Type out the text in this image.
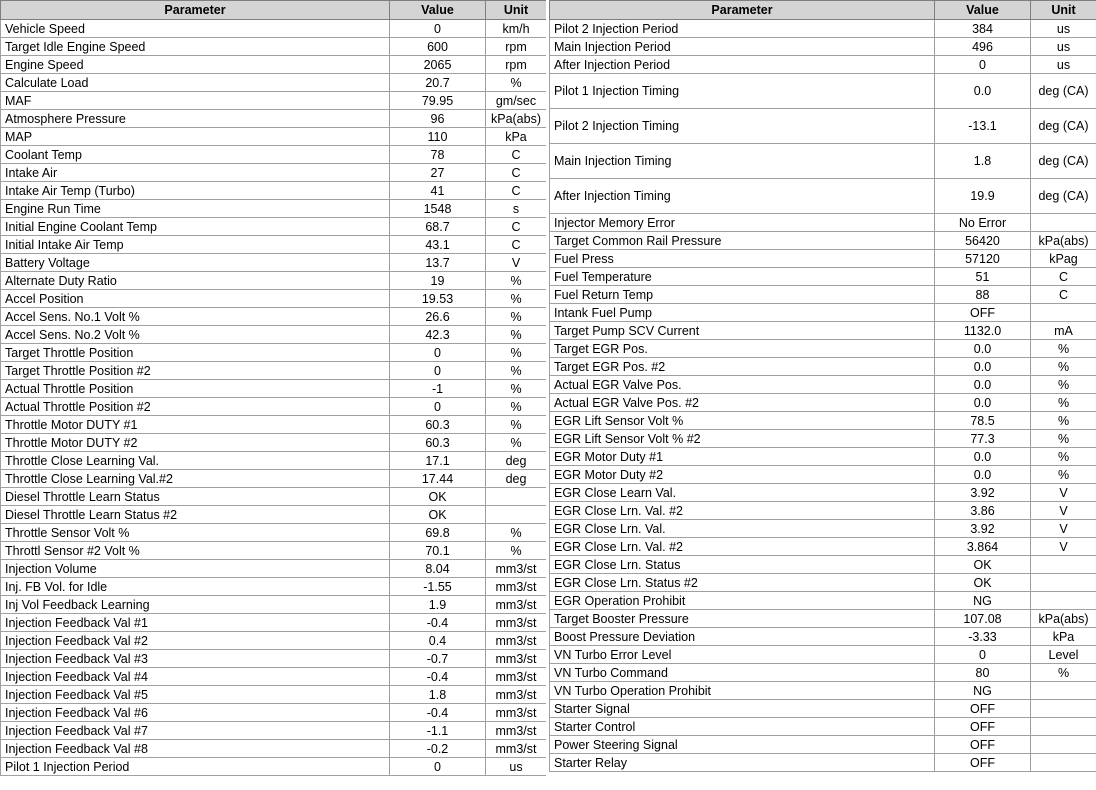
Parameter	Value	Unit
Vehicle Speed	0	km/h
Target Idle Engine Speed	600	rpm
Engine Speed	2065	rpm
Calculate Load	20.7	%
MAF	79.95	gm/sec
Atmosphere Pressure	96	kPa(abs)
MAP	110	kPa
Coolant Temp	78	C
Intake Air	27	C
Intake Air Temp (Turbo)	41	C
Engine Run Time	1548	s
Initial Engine Coolant Temp	68.7	C
Initial Intake Air Temp	43.1	C
Battery Voltage	13.7	V
Alternate Duty Ratio	19	%
Accel Position	19.53	%
Accel Sens. No.1 Volt %	26.6	%
Accel Sens. No.2 Volt %	42.3	%
Target Throttle Position	0	%
Target Throttle Position #2	0	%
Actual Throttle Position	-1	%
Actual Throttle Position #2	0	%
Throttle Motor DUTY #1	60.3	%
Throttle Motor DUTY #2	60.3	%
Throttle Close Learning Val.	17.1	deg
Throttle Close Learning Val.#2	17.44	deg
Diesel Throttle Learn Status	OK	
Diesel Throttle Learn Status #2	OK	
Throttle Sensor Volt %	69.8	%
Throttl Sensor #2 Volt %	70.1	%
Injection Volume	8.04	mm3/st
Inj. FB Vol. for Idle	-1.55	mm3/st
Inj Vol Feedback Learning	1.9	mm3/st
Injection Feedback Val #1	-0.4	mm3/st
Injection Feedback Val #2	0.4	mm3/st
Injection Feedback Val #3	-0.7	mm3/st
Injection Feedback Val #4	-0.4	mm3/st
Injection Feedback Val #5	1.8	mm3/st
Injection Feedback Val #6	-0.4	mm3/st
Injection Feedback Val #7	-1.1	mm3/st
Injection Feedback Val #8	-0.2	mm3/st
Pilot 1 Injection Period	0	us
Parameter	Value	Unit
Pilot 2 Injection Period	384	us
Main Injection Period	496	us
After Injection Period	0	us
Pilot 1 Injection Timing	0.0	deg (CA)
Pilot 2 Injection Timing	-13.1	deg (CA)
Main Injection Timing	1.8	deg (CA)
After Injection Timing	19.9	deg (CA)
Injector Memory Error	No Error	
Target Common Rail Pressure	56420	kPa(abs)
Fuel Press	57120	kPag
Fuel Temperature	51	C
Fuel Return Temp	88	C
Intank Fuel Pump	OFF	
Target Pump SCV Current	1132.0	mA
Target EGR Pos.	0.0	%
Target EGR Pos. #2	0.0	%
Actual EGR Valve Pos.	0.0	%
Actual EGR Valve Pos. #2	0.0	%
EGR Lift Sensor Volt %	78.5	%
EGR Lift Sensor Volt % #2	77.3	%
EGR Motor Duty #1	0.0	%
EGR Motor Duty #2	0.0	%
EGR Close Learn Val.	3.92	V
EGR Close Lrn. Val. #2	3.86	V
EGR Close Lrn. Val.	3.92	V
EGR Close Lrn. Val. #2	3.864	V
EGR Close Lrn. Status	OK	
EGR Close Lrn. Status #2	OK	
EGR Operation Prohibit	NG	
Target Booster Pressure	107.08	kPa(abs)
Boost Pressure Deviation	-3.33	kPa
VN Turbo Error Level	0	Level
VN Turbo Command	80	%
VN Turbo Operation Prohibit	NG	
Starter Signal	OFF	
Starter Control	OFF	
Power Steering Signal	OFF	
Starter Relay	OFF	
